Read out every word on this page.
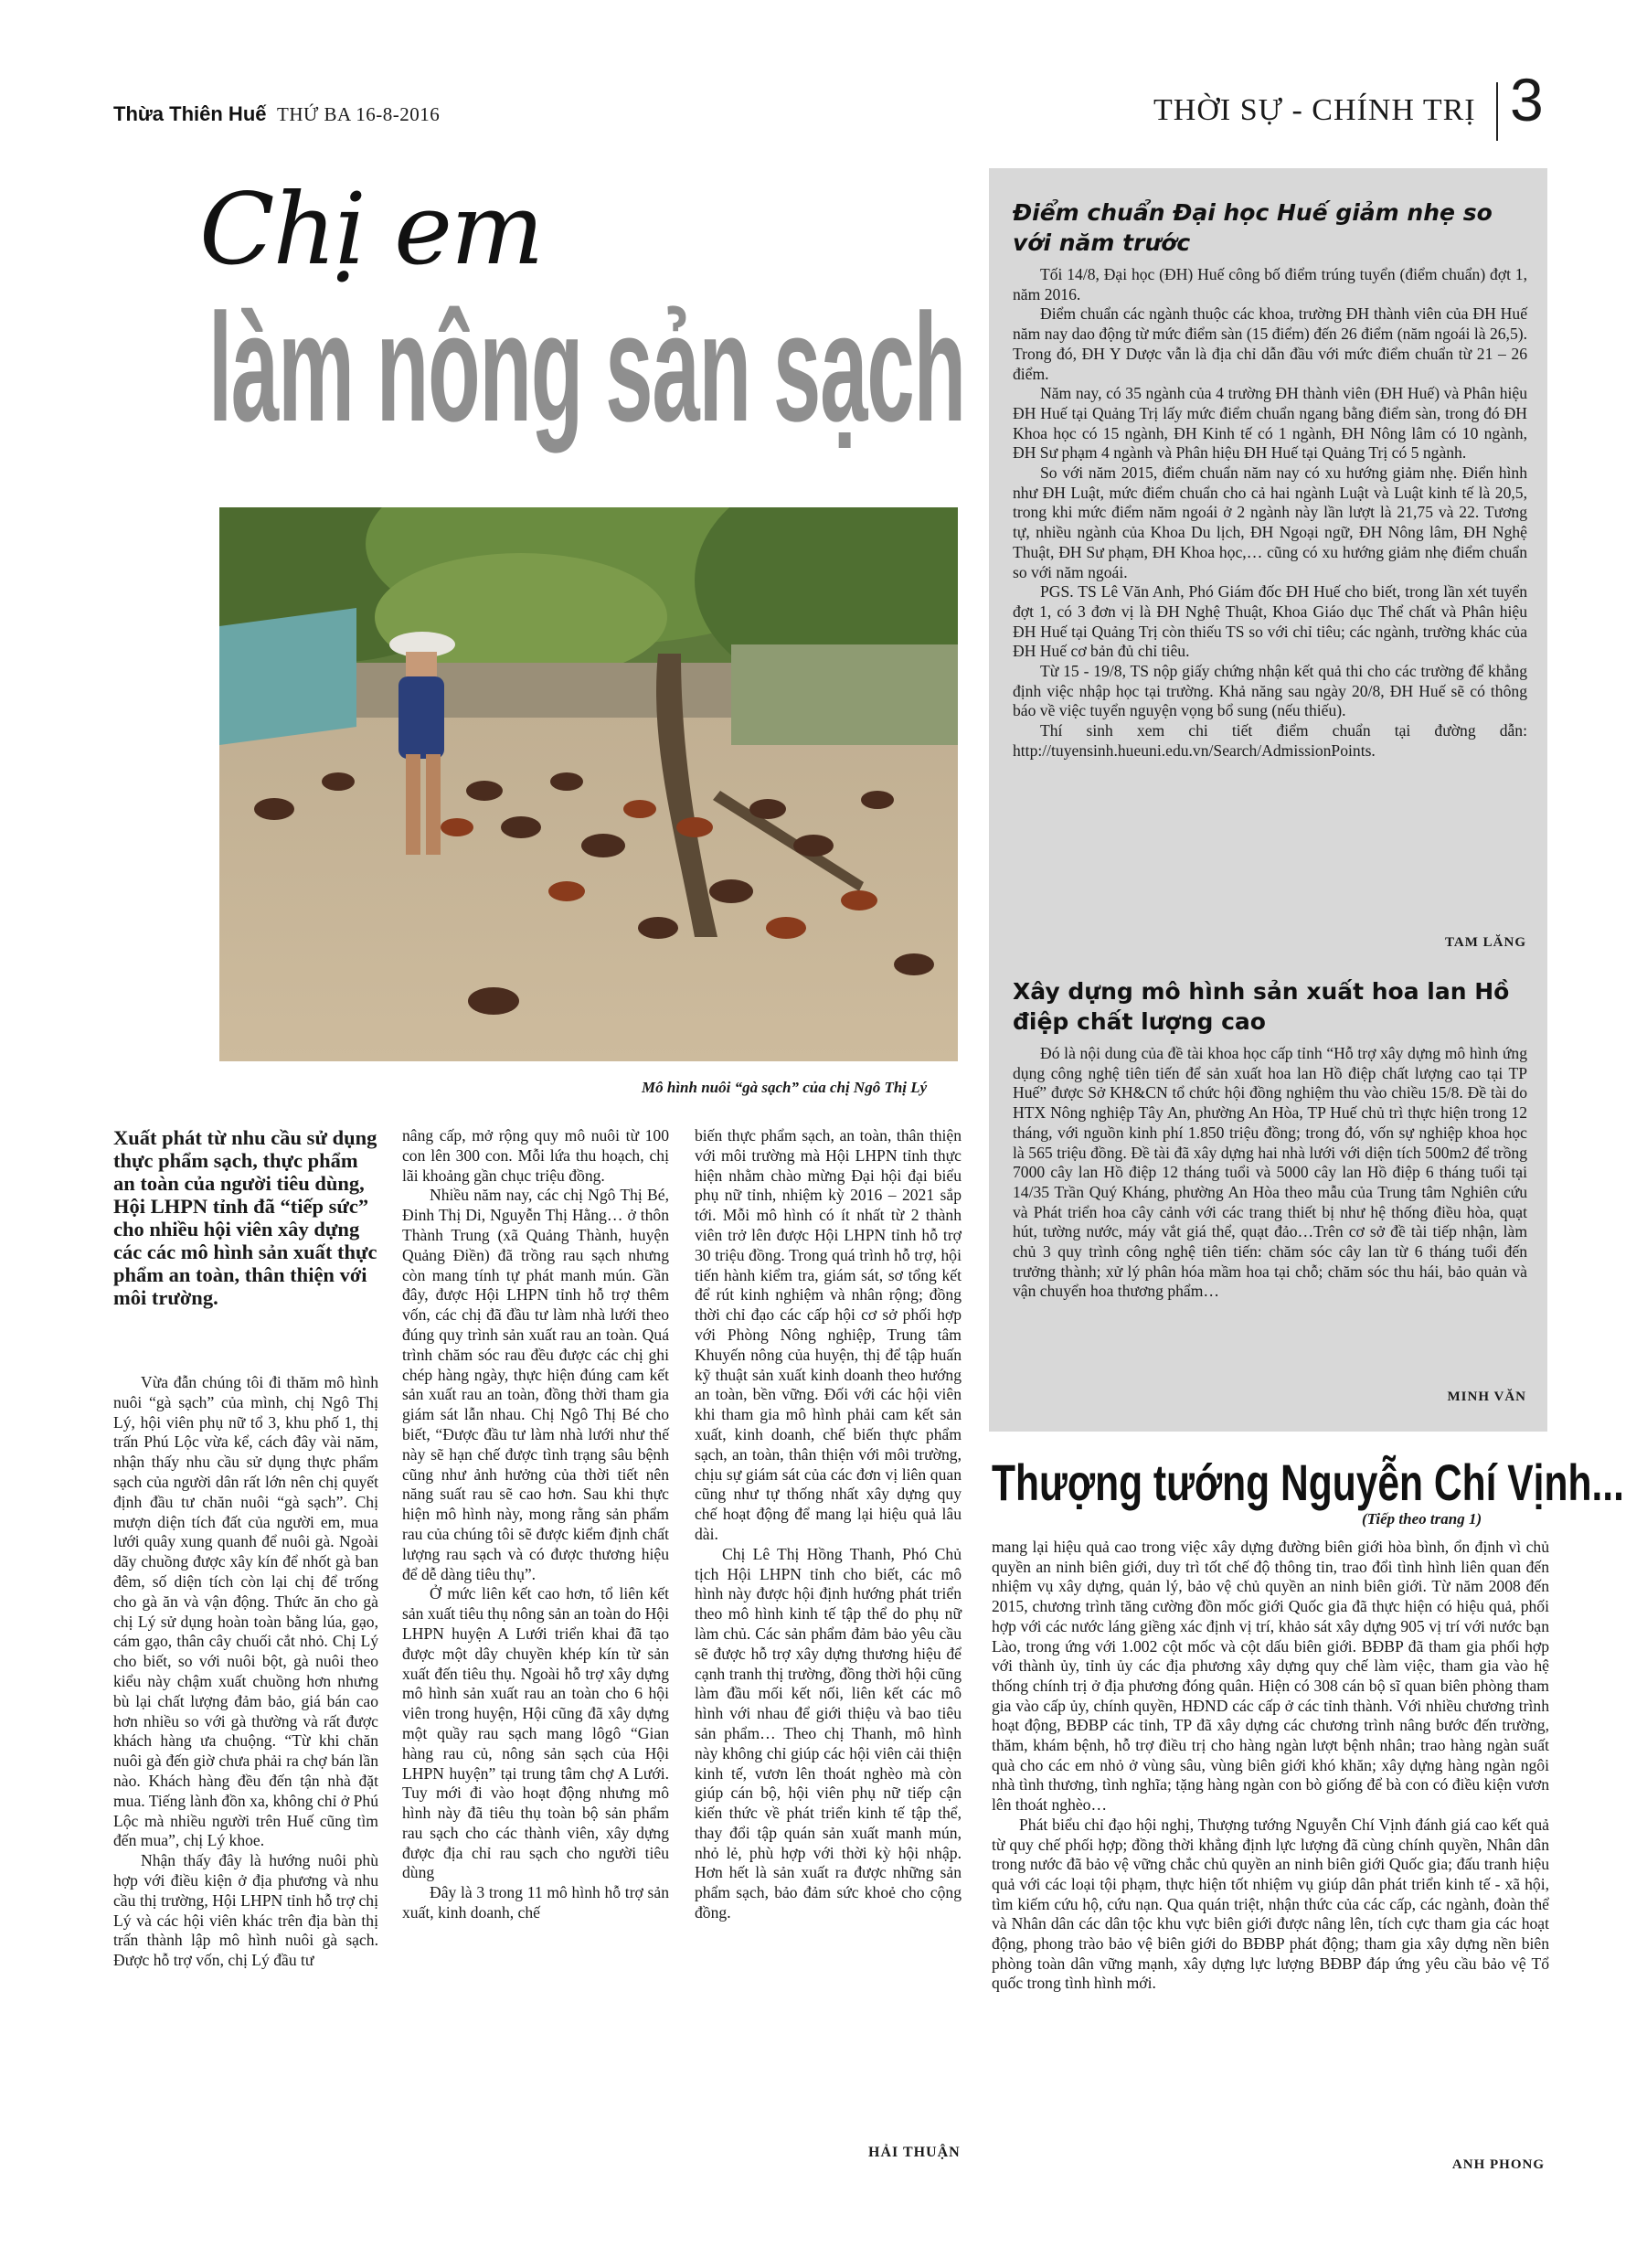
Thừa Thiên Huế THỨ BA 16-8-2016	THỜI SỰ - CHÍNH TRỊ 3
Chị em
làm nông sản sạch
Mô hình nuôi “gà sạch” của chị Ngô Thị Lý
Xuất phát từ nhu cầu sử dụng thực phẩm sạch, thực phẩm an toàn của người tiêu dùng, Hội LHPN tỉnh đã “tiếp sức” cho nhiều hội viên xây dựng các các mô hình sản xuất thực phẩm an toàn, thân thiện với môi trường.

Vừa đẫn chúng tôi đi thăm mô hình nuôi “gà sạch” của mình, chị Ngô Thị Lý, hội viên phụ nữ tổ 3, khu phố 1, thị trấn Phú Lộc vừa kể, cách đây vài năm, nhận thấy nhu cầu sử dụng thực phẩm sạch của người dân rất lớn nên chị quyết định đầu tư chăn nuôi “gà sạch”. Chị mượn diện tích đất của người em, mua lưới quây xung quanh để nuôi gà. Ngoài dãy chuồng được xây kín để nhốt gà ban đêm, số diện tích còn lại chị để trống cho gà ăn và vận động. Thức ăn cho gà chị Lý sử dụng hoàn toàn bằng lúa, gạo, cám gạo, thân cây chuối cắt nhỏ. Chị Lý cho biết, so với nuôi bột, gà nuôi theo kiểu này chậm xuất chuồng hơn nhưng bù lại chất lượng đảm bảo, giá bán cao hơn nhiều so với gà thường và rất được khách hàng ưa chuộng. “Từ khi chăn nuôi gà đến giờ chưa phải ra chợ bán lần nào. Khách hàng đều đến tận nhà đặt mua. Tiếng lành đồn xa, không chỉ ở Phú Lộc mà nhiều người trên Huế cũng tìm đến mua”, chị Lý khoe.

Nhận thấy đây là hướng nuôi phù hợp với điều kiện ở địa phương và nhu cầu thị trường, Hội LHPN tỉnh hỗ trợ chị Lý và các hội viên khác trên địa bàn thị trấn thành lập mô hình nuôi gà sạch. Được hỗ trợ vốn, chị Lý đầu tư

nâng cấp, mở rộng quy mô nuôi từ 100 con lên 300 con. Mỗi lứa thu hoạch, chị lãi khoảng gần chục triệu đồng.

Nhiều năm nay, các chị Ngô Thị Bé, Đinh Thị Di, Nguyễn Thị Hằng… ở thôn Thành Trung (xã Quảng Thành, huyện Quảng Điền) đã trồng rau sạch nhưng còn mang tính tự phát manh mún. Gần đây, được Hội LHPN tỉnh hỗ trợ thêm vốn, các chị đã đầu tư làm nhà lưới theo đúng quy trình sản xuất rau an toàn. Quá trình chăm sóc rau đều được các chị ghi chép hàng ngày, thực hiện đúng cam kết sản xuất rau an toàn, đồng thời tham gia giám sát lẫn nhau. Chị Ngô Thị Bé cho biết, “Được đầu tư làm nhà lưới như thế này sẽ hạn chế được tình trạng sâu bệnh cũng như ảnh hưởng của thời tiết nên năng suất rau sẽ cao hơn. Sau khi thực hiện mô hình này, mong rằng sản phẩm rau của chúng tôi sẽ được kiểm định chất lượng rau sạch và có được thương hiệu để dễ dàng tiêu thụ”.

Ở mức liên kết cao hơn, tổ liên kết sản xuất tiêu thụ nông sản an toàn do Hội LHPN huyện A Lưới triển khai đã tạo được một dây chuyền khép kín từ sản xuất đến tiêu thụ. Ngoài hỗ trợ xây dựng mô hình sản xuất rau an toàn cho 6 hội viên trong huyện, Hội cũng đã xây dựng một quầy rau sạch mang lôgô “Gian hàng rau củ, nông sản sạch của Hội LHPN huyện” tại trung tâm chợ A Lưới. Tuy mới đi vào hoạt động nhưng mô hình này đã tiêu thụ toàn bộ sản phẩm rau sạch cho các thành viên, xây dựng được địa chỉ rau sạch cho người tiêu dùng

Đây là 3 trong 11 mô hình hỗ trợ sản xuất, kinh doanh, chế

biến thực phẩm sạch, an toàn, thân thiện với môi trường mà Hội LHPN tỉnh thực hiện nhằm chào mừng Đại hội đại biểu phụ nữ tỉnh, nhiệm kỳ 2016 – 2021 sắp tới. Mỗi mô hình có ít nhất từ 2 thành viên trở lên được Hội LHPN tỉnh hỗ trợ 30 triệu đồng. Trong quá trình hỗ trợ, hội tiến hành kiểm tra, giám sát, sơ tổng kết để rút kinh nghiệm và nhân rộng; đồng thời chỉ đạo các cấp hội cơ sở phối hợp với Phòng Nông nghiệp, Trung tâm Khuyến nông của huyện, thị để tập huấn kỹ thuật sản xuất kinh doanh theo hướng an toàn, bền vững. Đối với các hội viên khi tham gia mô hình phải cam kết sản xuất, kinh doanh, chế biến thực phẩm sạch, an toàn, thân thiện với môi trường, chịu sự giám sát của các đơn vị liên quan cũng như tự thống nhất xây dựng quy chế hoạt động để mang lại hiệu quả lâu dài.

Chị Lê Thị Hồng Thanh, Phó Chủ tịch Hội LHPN tỉnh cho biết, các mô hình này được hội định hướng phát triển theo mô hình kinh tế tập thể do phụ nữ làm chủ. Các sản phẩm đảm bảo yêu cầu sẽ được hỗ trợ xây dựng thương hiệu để cạnh tranh thị trường, đồng thời hội cũng làm đầu mối kết nối, liên kết các mô hình với nhau để giới thiệu và bao tiêu sản phẩm… Theo chị Thanh, mô hình này không chỉ giúp các hội viên cải thiện kinh tế, vươn lên thoát nghèo mà còn giúp cán bộ, hội viên phụ nữ tiếp cận kiến thức về phát triển kinh tế tập thể, thay đổi tập quán sản xuất manh mún, nhỏ lẻ, phù hợp với thời kỳ hội nhập. Hơn hết là sản xuất ra được những sản phẩm sạch, bảo đảm sức khoẻ cho cộng đồng.

HẢI THUẬN
Điểm chuẩn Đại học Huế giảm nhẹ so với năm trước

Tối 14/8, Đại học (ĐH) Huế công bố điểm trúng tuyển (điểm chuẩn) đợt 1, năm 2016.

Điểm chuẩn các ngành thuộc các khoa, trường ĐH thành viên của ĐH Huế năm nay dao động từ mức điểm sàn (15 điểm) đến 26 điểm (năm ngoái là 26,5). Trong đó, ĐH Y Dược vẫn là địa chỉ dẫn đầu với mức điểm chuẩn từ 21 – 26 điểm.

Năm nay, có 35 ngành của 4 trường ĐH thành viên (ĐH Huế) và Phân hiệu ĐH Huế tại Quảng Trị lấy mức điểm chuẩn ngang bằng điểm sàn, trong đó ĐH Khoa học có 15 ngành, ĐH Kinh tế có 1 ngành, ĐH Nông lâm có 10 ngành, ĐH Sư phạm 4 ngành và Phân hiệu ĐH Huế tại Quảng Trị có 5 ngành.

So với năm 2015, điểm chuẩn năm nay có xu hướng giảm nhẹ. Điển hình như ĐH Luật, mức điểm chuẩn cho cả hai ngành Luật và Luật kinh tế là 20,5, trong khi mức điểm năm ngoái ở 2 ngành này lần lượt là 21,75 và 22. Tương tự, nhiều ngành của Khoa Du lịch, ĐH Ngoại ngữ, ĐH Nông lâm, ĐH Nghệ Thuật, ĐH Sư phạm, ĐH Khoa học,… cũng có xu hướng giảm nhẹ điểm chuẩn so với năm ngoái.

PGS. TS Lê Văn Anh, Phó Giám đốc ĐH Huế cho biết, trong lần xét tuyển đợt 1, có 3 đơn vị là ĐH Nghệ Thuật, Khoa Giáo dục Thể chất và Phân hiệu ĐH Huế tại Quảng Trị còn thiếu TS so với chỉ tiêu; các ngành, trường khác của ĐH Huế cơ bản đủ chỉ tiêu.

Từ 15 - 19/8, TS nộp giấy chứng nhận kết quả thi cho các trường để khẳng định việc nhập học tại trường. Khả năng sau ngày 20/8, ĐH Huế sẽ có thông báo về việc tuyển nguyện vọng bổ sung (nếu thiếu).

Thí sinh xem chi tiết điểm chuẩn tại đường dẫn: http://tuyensinh.hueuni.edu.vn/Search/AdmissionPoints.

TAM LĂNG
Xây dựng mô hình sản xuất hoa lan Hồ điệp chất lượng cao

Đó là nội dung của đề tài khoa học cấp tỉnh “Hỗ trợ xây dựng mô hình ứng dụng công nghệ tiên tiến để sản xuất hoa lan Hồ điệp chất lượng cao tại TP Huế” được Sở KH&CN tổ chức hội đồng nghiệm thu vào chiều 15/8. Đề tài do HTX Nông nghiệp Tây An, phường An Hòa, TP Huế chủ trì thực hiện trong 12 tháng, với nguồn kinh phí 1.850 triệu đồng; trong đó, vốn sự nghiệp khoa học là 565 triệu đồng. Đề tài đã xây dựng hai nhà lưới với diện tích 500m2 để trồng 7000 cây lan Hồ điệp 12 tháng tuổi và 5000 cây lan Hồ điệp 6 tháng tuổi tại 14/35 Trần Quý Kháng, phường An Hòa theo mẫu của Trung tâm Nghiên cứu và Phát triển hoa cây cảnh với các trang thiết bị như hệ thống điều hòa, quạt hút, tường nước, máy vắt giá thể, quạt đảo…Trên cơ sở đề tài tiếp nhận, làm chủ 3 quy trình công nghệ tiên tiến: chăm sóc cây lan từ 6 tháng tuổi đến trưởng thành; xử lý phân hóa mầm hoa tại chỗ; chăm sóc thu hái, bảo quản và vận chuyển hoa thương phẩm…

MINH VĂN
Thượng tướng Nguyễn Chí Vịnh...
(Tiếp theo trang 1)

mang lại hiệu quả cao trong việc xây dựng đường biên giới hòa bình, ổn định vì chủ quyền an ninh biên giới, duy trì tốt chế độ thông tin, trao đổi tình hình liên quan đến nhiệm vụ xây dựng, quản lý, bảo vệ chủ quyền an ninh biên giới. Từ năm 2008 đến 2015, chương trình tăng cường đồn mốc giới Quốc gia đã thực hiện có hiệu quả, phối hợp với các nước láng giềng xác định vị trí, khảo sát xây dựng 905 vị trí với nước bạn Lào, trong ứng với 1.002 cột mốc và cột dấu biên giới. BĐBP đã tham gia phối hợp với thành ủy, tỉnh ủy các địa phương xây dựng quy chế làm việc, tham gia vào hệ thống chính trị ở địa phương đóng quân. Hiện có 308 cán bộ sĩ quan biên phòng tham gia vào cấp ủy, chính quyền, HĐND các cấp ở các tỉnh thành. Với nhiều chương trình hoạt động, BĐBP các tỉnh, TP đã xây dựng các chương trình nâng bước đến trường, thăm, khám bệnh, hỗ trợ điều trị cho hàng ngàn lượt bệnh nhân; trao hàng ngàn suất quà cho các em nhỏ ở vùng sâu, vùng biên giới khó khăn; xây dựng hàng ngàn ngôi nhà tình thương, tình nghĩa; tặng hàng ngàn con bò giống để bà con có điều kiện vươn lên thoát nghèo…

Phát biểu chỉ đạo hội nghị, Thượng tướng Nguyễn Chí Vịnh đánh giá cao kết quả từ quy chế phối hợp; đồng thời khẳng định lực lượng đã cùng chính quyền, Nhân dân trong nước đã bảo vệ vững chắc chủ quyền an ninh biên giới Quốc gia; đấu tranh hiệu quả với các loại tội phạm, thực hiện tốt nhiệm vụ giúp dân phát triển kinh tế - xã hội, tìm kiếm cứu hộ, cứu nạn. Qua quán triệt, nhận thức của các cấp, các ngành, đoàn thể và Nhân dân các dân tộc khu vực biên giới được nâng lên, tích cực tham gia các hoạt động, phong trào bảo vệ biên giới do BĐBP phát động; tham gia xây dựng nền biên phòng toàn dân vững mạnh, xây dựng lực lượng BĐBP đáp ứng yêu cầu bảo vệ Tổ quốc trong tình hình mới.

ANH PHONG
